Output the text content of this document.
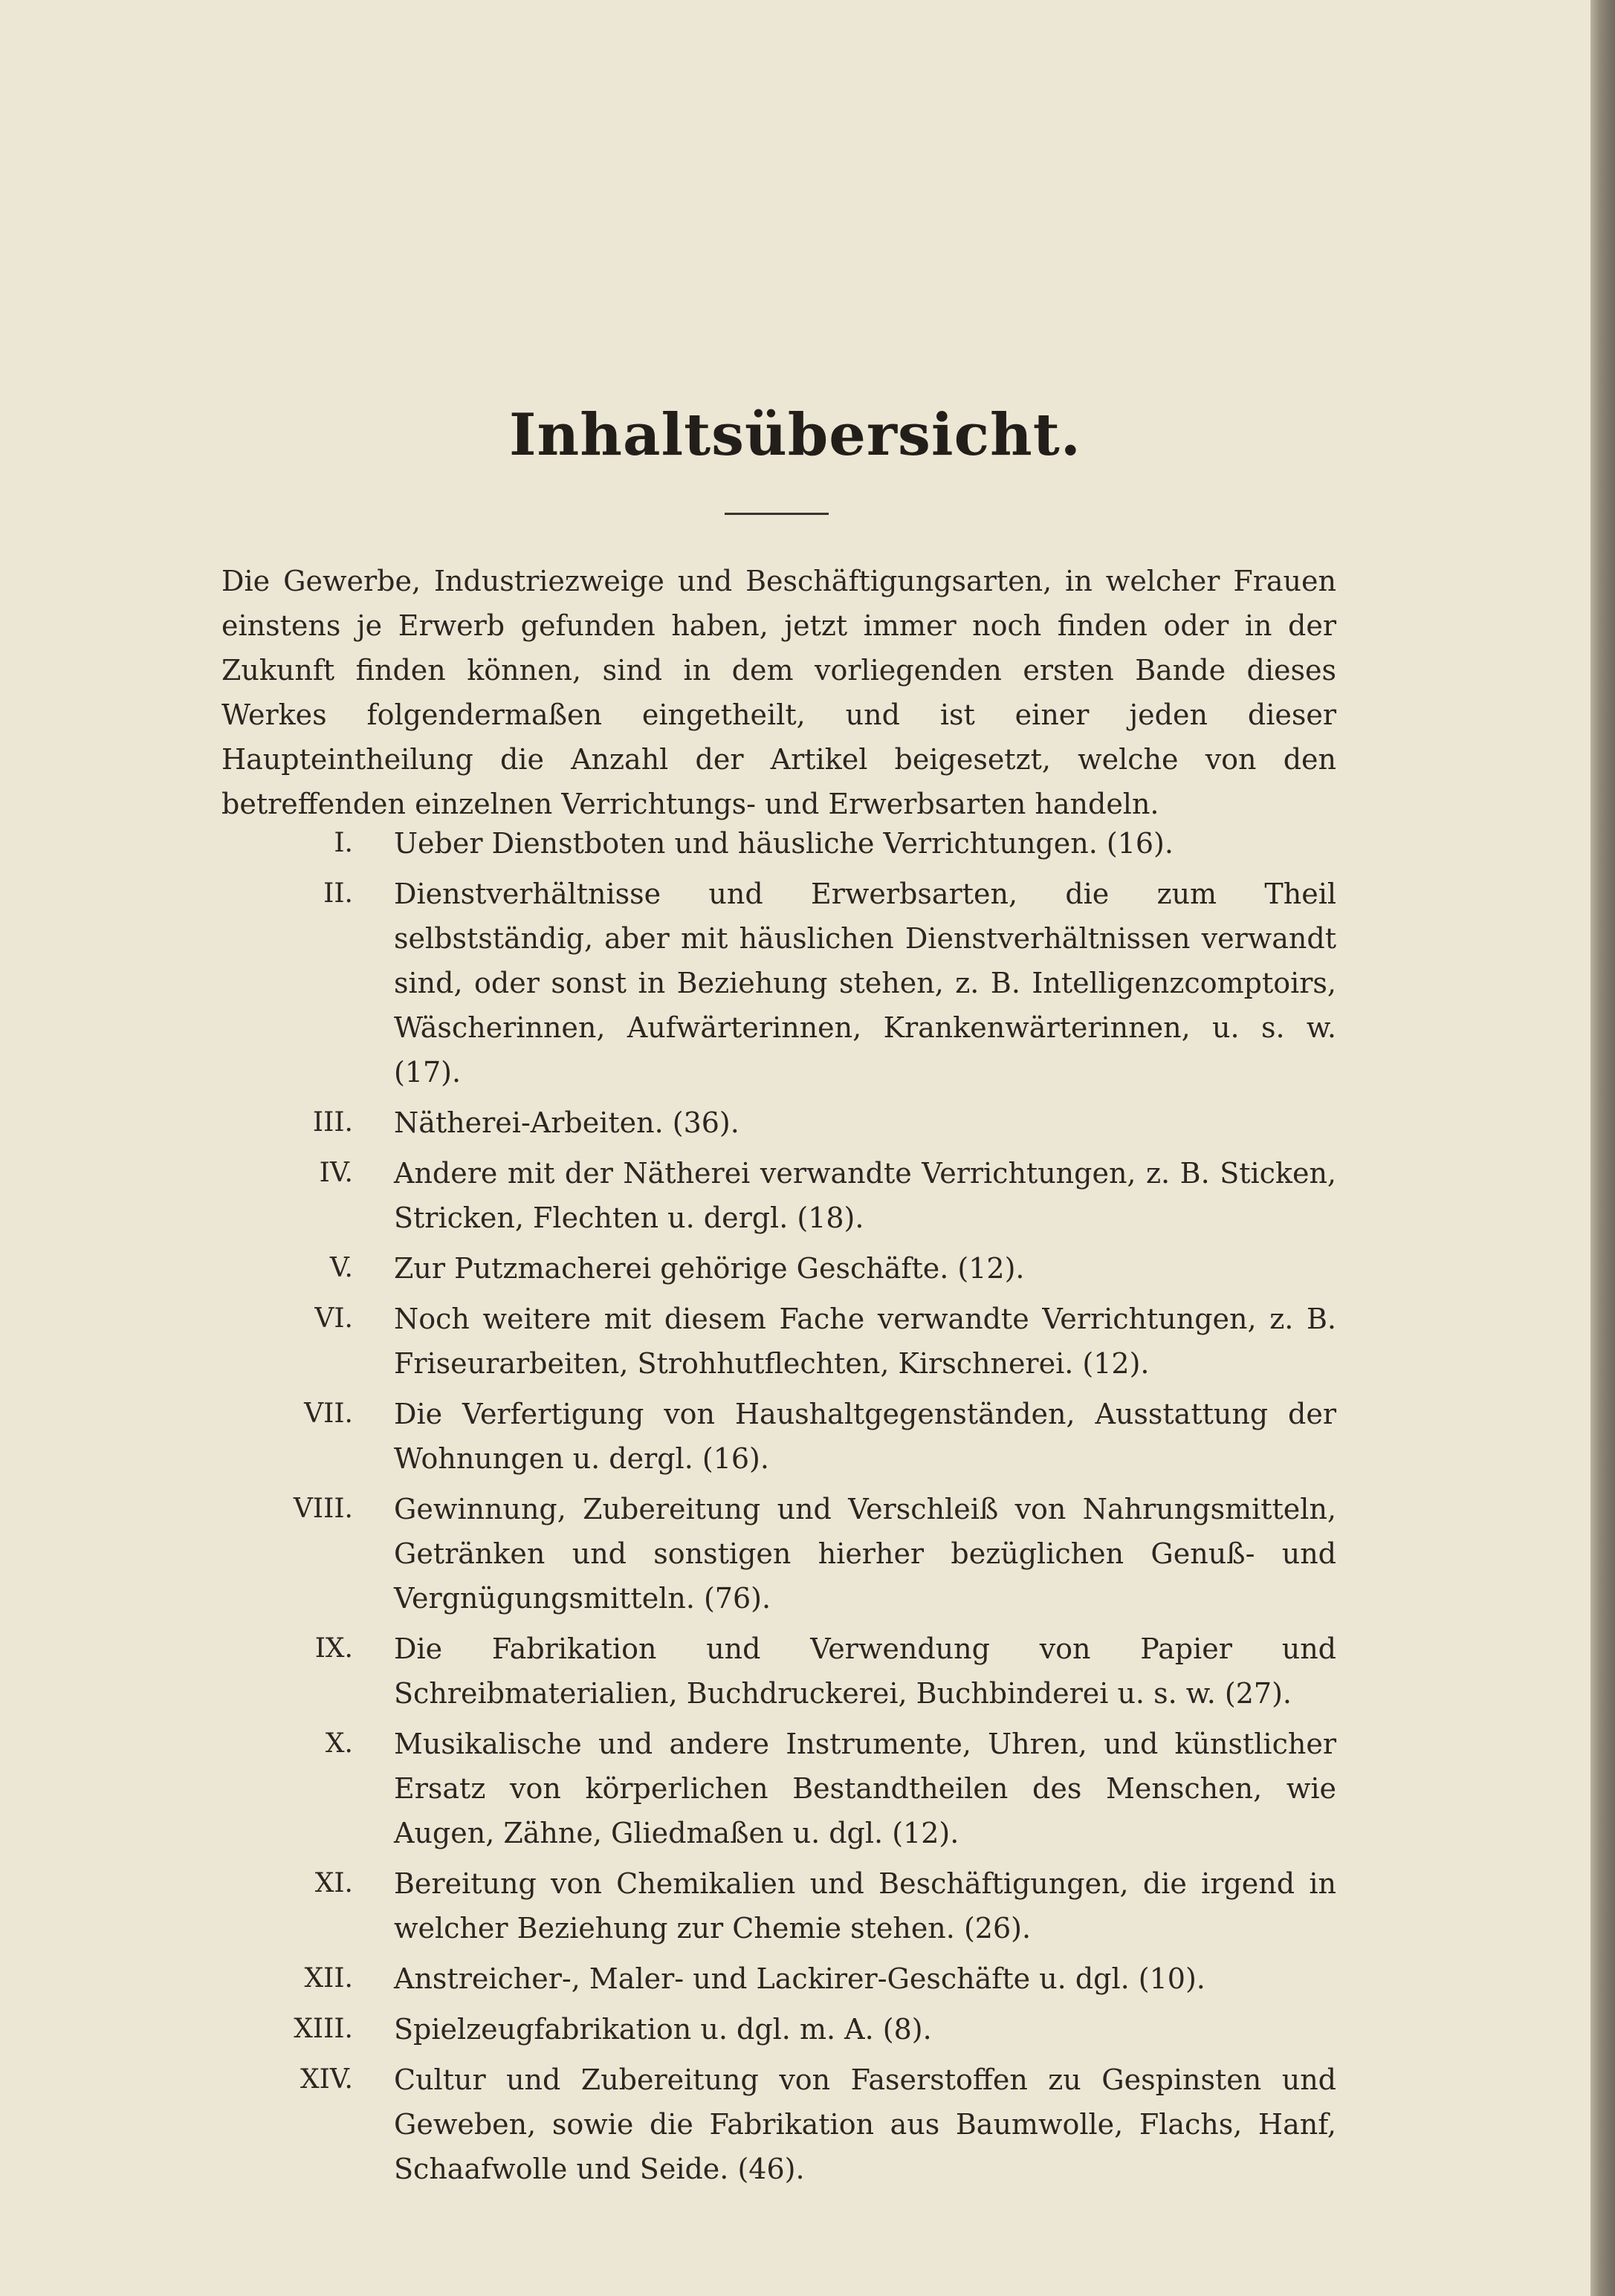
Inhaltsübersicht.

Die Gewerbe, Industriezweige und Beschäftigungsarten, in welcher Frauen einstens je Erwerb gefunden haben, jetzt immer noch finden oder in der Zukunft finden können, sind in dem vorliegenden ersten Bande dieses Werkes folgendermaßen eingetheilt, und ist einer jeden dieser Haupteintheilung die Anzahl der Artikel beigesetzt, welche von den betreffenden einzelnen Verrichtungs- und Erwerbsarten handeln.

I. Ueber Dienstboten und häusliche Verrichtungen. (16).
II. Dienstverhältnisse und Erwerbsarten, die zum Theil selbstständig, aber mit häuslichen Dienstverhältnissen verwandt sind, oder sonst in Beziehung stehen, z. B. Intelligenzcomptoirs, Wäscherinnen, Aufwärterinnen, Krankenwärterinnen, u. s. w. (17).
III. Nätherei-Arbeiten. (36).
IV. Andere mit der Nätherei verwandte Verrichtungen, z. B. Sticken, Stricken, Flechten u. dergl. (18).
V. Zur Putzmacherei gehörige Geschäfte. (12).
VI. Noch weitere mit diesem Fache verwandte Verrichtungen, z. B. Friseurarbeiten, Strohhutflechten, Kirschnerei. (12).
VII. Die Verfertigung von Haushaltgegenständen, Ausstattung der Wohnungen u. dergl. (16).
VIII. Gewinnung, Zubereitung und Verschleiß von Nahrungsmitteln, Getränken und sonstigen hierher bezüglichen Genuß- und Vergnügungsmitteln. (76).
IX. Die Fabrikation und Verwendung von Papier und Schreibmaterialien, Buchdruckerei, Buchbinderei u. s. w. (27).
X. Musikalische und andere Instrumente, Uhren, und künstlicher Ersatz von körperlichen Bestandtheilen des Menschen, wie Augen, Zähne, Gliedmaßen u. dgl. (12).
XI. Bereitung von Chemikalien und Beschäftigungen, die irgend in welcher Beziehung zur Chemie stehen. (26).
XII. Anstreicher-, Maler- und Lackirer-Geschäfte u. dgl. (10).
XIII. Spielzeugfabrikation u. dgl. m. A. (8).
XIV. Cultur und Zubereitung von Faserstoffen zu Gespinsten und Geweben, sowie die Fabrikation aus Baumwolle, Flachs, Hanf, Schaafwolle und Seide. (46).
